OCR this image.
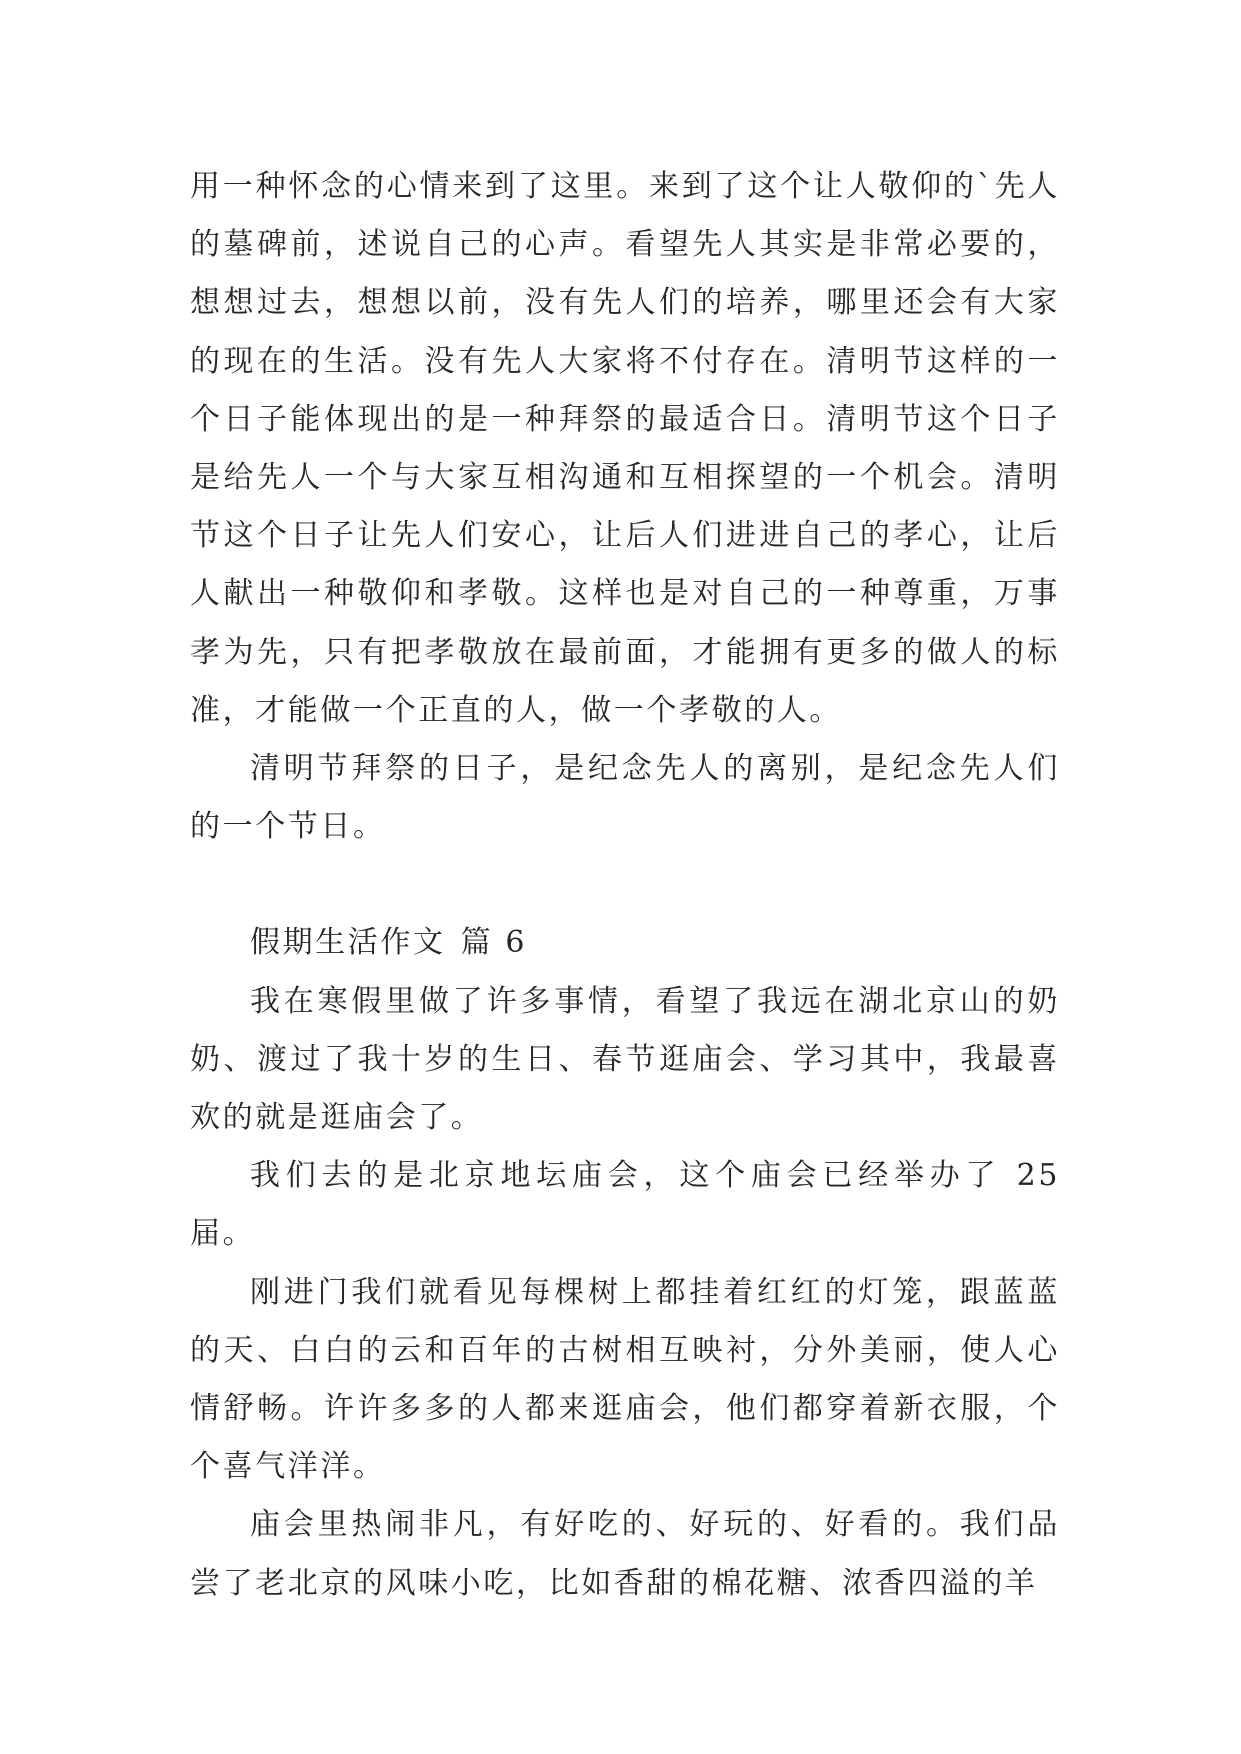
用一种怀念的心情来到了这里。来到了这个让人敬仰的`先人的墓碑前，述说自己的心声。看望先人其实是非常必要的，想想过去，想想以前，没有先人们的培养，哪里还会有大家的现在的生活。没有先人大家将不付存在。清明节这样的一个日子能体现出的是一种拜祭的最适合日。清明节这个日子是给先人一个与大家互相沟通和互相探望的一个机会。清明节这个日子让先人们安心，让后人们进进自己的孝心，让后人献出一种敬仰和孝敬。这样也是对自己的一种尊重，万事孝为先，只有把孝敬放在最前面，才能拥有更多的做人的标准，才能做一个正直的人，做一个孝敬的人。

清明节拜祭的日子，是纪念先人的离别，是纪念先人们的一个节日。

假期生活作文 篇 6

我在寒假里做了许多事情，看望了我远在湖北京山的奶奶、渡过了我十岁的生日、春节逛庙会、学习其中，我最喜欢的就是逛庙会了。

我们去的是北京地坛庙会，这个庙会已经举办了 25 届。

刚进门我们就看见每棵树上都挂着红红的灯笼，跟蓝蓝的天、白白的云和百年的古树相互映衬，分外美丽，使人心情舒畅。许许多多的人都来逛庙会，他们都穿着新衣服，个个喜气洋洋。

庙会里热闹非凡，有好吃的、好玩的、好看的。我们品尝了老北京的风味小吃，比如香甜的棉花糖、浓香四溢的羊
